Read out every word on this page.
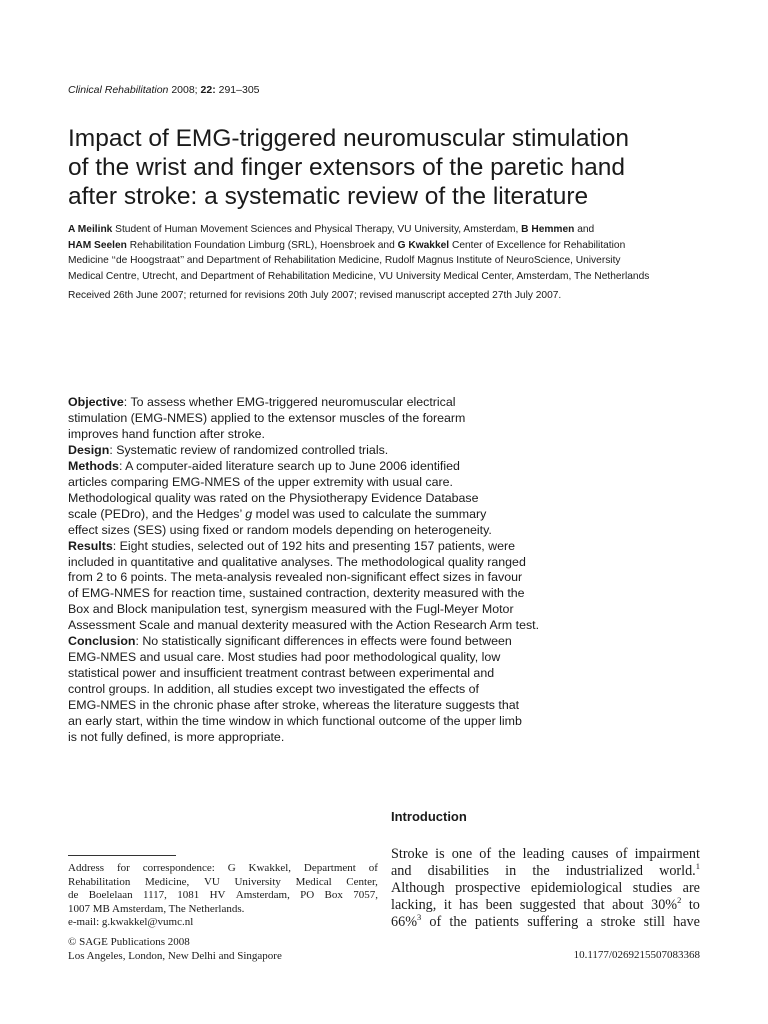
Clinical Rehabilitation 2008; 22: 291–305
Impact of EMG-triggered neuromuscular stimulation
of the wrist and finger extensors of the paretic hand
after stroke: a systematic review of the literature
A Meilink Student of Human Movement Sciences and Physical Therapy, VU University, Amsterdam, B Hemmen and
HAM Seelen Rehabilitation Foundation Limburg (SRL), Hoensbroek and G Kwakkel Center of Excellence for Rehabilitation
Medicine ‘‘de Hoogstraat’’ and Department of Rehabilitation Medicine, Rudolf Magnus Institute of NeuroScience, University
Medical Centre, Utrecht, and Department of Rehabilitation Medicine, VU University Medical Center, Amsterdam, The Netherlands
Received 26th June 2007; returned for revisions 20th July 2007; revised manuscript accepted 27th July 2007.
Objective: To assess whether EMG-triggered neuromuscular electrical
stimulation (EMG-NMES) applied to the extensor muscles of the forearm
improves hand function after stroke.
Design: Systematic review of randomized controlled trials.
Methods: A computer-aided literature search up to June 2006 identified
articles comparing EMG-NMES of the upper extremity with usual care.
Methodological quality was rated on the Physiotherapy Evidence Database
scale (PEDro), and the Hedges’ g model was used to calculate the summary
effect sizes (SES) using fixed or random models depending on heterogeneity.
Results: Eight studies, selected out of 192 hits and presenting 157 patients, were
included in quantitative and qualitative analyses. The methodological quality ranged
from 2 to 6 points. The meta-analysis revealed non-significant effect sizes in favour
of EMG-NMES for reaction time, sustained contraction, dexterity measured with the
Box and Block manipulation test, synergism measured with the Fugl-Meyer Motor
Assessment Scale and manual dexterity measured with the Action Research Arm test.
Conclusion: No statistically significant differences in effects were found between
EMG-NMES and usual care. Most studies had poor methodological quality, low
statistical power and insufficient treatment contrast between experimental and
control groups. In addition, all studies except two investigated the effects of
EMG-NMES in the chronic phase after stroke, whereas the literature suggests that
an early start, within the time window in which functional outcome of the upper limb
is not fully defined, is more appropriate.
Introduction
Stroke is one of the leading causes of impairment
and disabilities in the industrialized world.$^1$
Although prospective epidemiological studies are
lacking, it has been suggested that about 30%$^2$ to
66%$^3$ of the patients suffering a stroke still have
Address for correspondence: G Kwakkel, Department of
Rehabilitation Medicine, VU University Medical Center,
de Boelelaan 1117, 1081 HV Amsterdam, PO Box 7057,
1007 MB Amsterdam, The Netherlands.
e-mail: g.kwakkel@vumc.nl
© SAGE Publications 2008
Los Angeles, London, New Delhi and Singapore	10.1177/0269215507083368
